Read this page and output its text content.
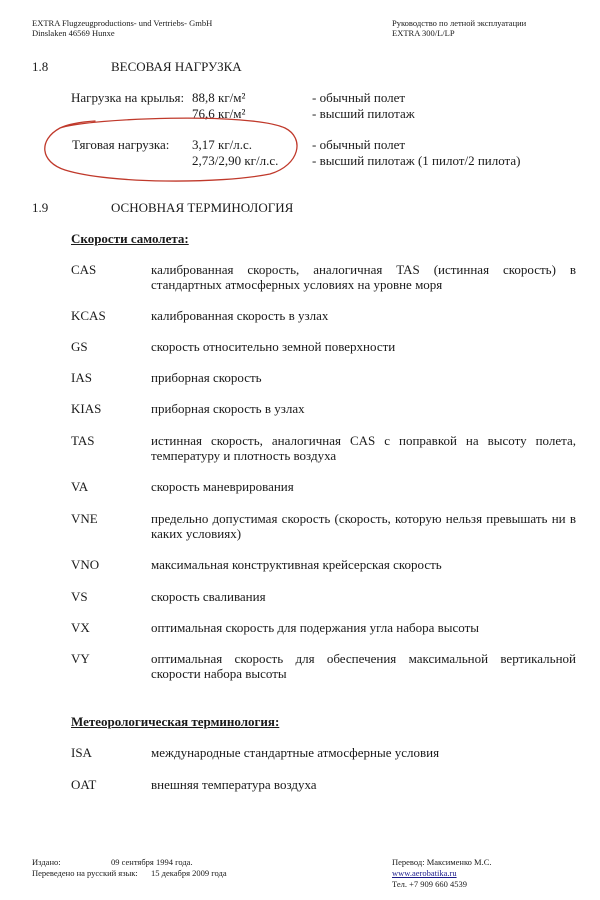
EXTRA Flugzeugproductions- und Vertriebs- GmbH
Dinslaken 46569 Hunxe
Руководство по летной эксплуатации
EXTRA 300/L/LP
1.8	ВЕСОВАЯ НАГРУЗКА
Нагрузка на крылья: 88,8 кг/м²	- обычный полет
76,6 кг/м²	- высший пилотаж
Тяговая нагрузка: 3,17 кг/л.с.	- обычный полет
2,73/2,90 кг/л.с.	- высший пилотаж (1 пилот/2 пилота)
1.9	ОСНОВНАЯ ТЕРМИНОЛОГИЯ
Скорости самолета:
CAS	калиброванная скорость, аналогичная TAS (истинная скорость) в стандартных атмосферных условиях на уровне моря
KCAS	калиброванная скорость в узлах
GS	скорость относительно земной поверхности
IAS	приборная скорость
KIAS	приборная скорость в узлах
TAS	истинная скорость, аналогичная CAS с поправкой на высоту полета, температуру и плотность воздуха
VA	скорость маневрирования
VNE	предельно допустимая скорость (скорость, которую нельзя превышать ни в каких условиях)
VNO	максимальная конструктивная крейсерская скорость
VS	скорость сваливания
VX	оптимальная скорость для подержания угла набора высоты
VY	оптимальная скорость для обеспечения максимальной вертикальной скорости набора высоты
Метеорологическая терминология:
ISA	международные стандартные атмосферные условия
OAT	внешняя температура воздуха
Издано:	09 сентября 1994 года.
Переведено на русский язык: 15 декабря 2009 года
Перевод: Максименко М.С.
www.aerobatika.ru
Тел. +7 909 660 4539
